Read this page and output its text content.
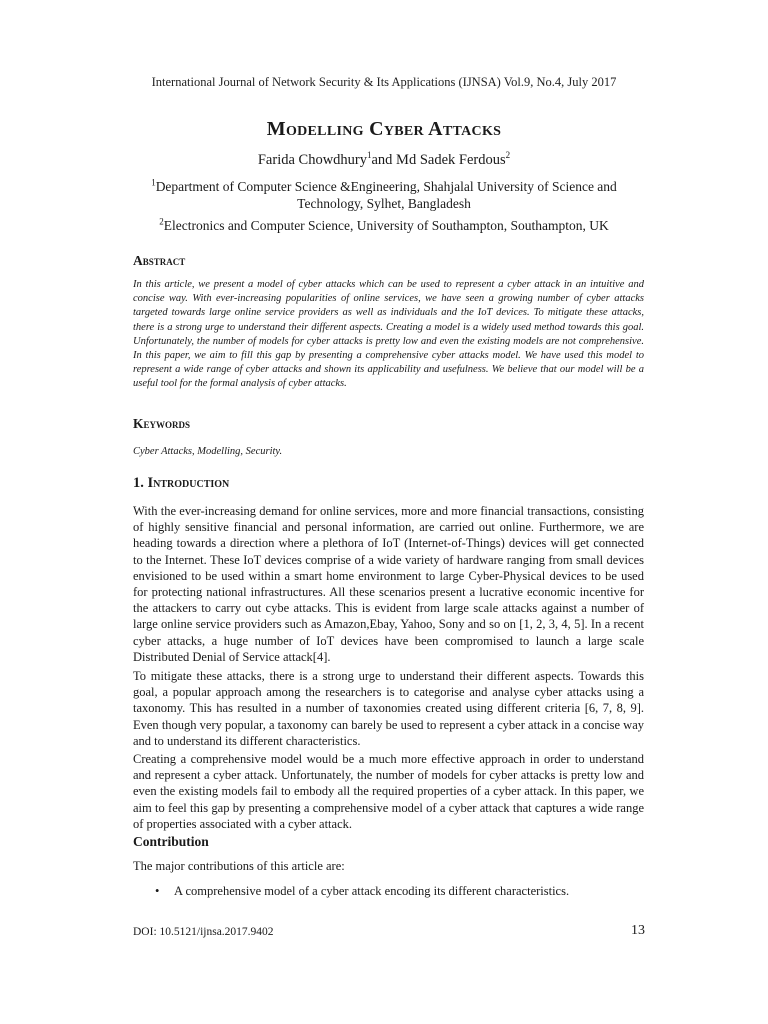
International Journal of Network Security & Its Applications (IJNSA) Vol.9, No.4, July 2017
Modelling Cyber Attacks
Farida Chowdhury$^1$and Md Sadek Ferdous$^2$
$^1$Department of Computer Science &Engineering, Shahjalal University of Science and
Technology, Sylhet, Bangladesh
$^2$Electronics and Computer Science, University of Southampton, Southampton, UK
Abstract
In this article, we present a model of cyber attacks which can be used to represent a cyber attack in an intuitive and concise way. With ever-increasing popularities of online services, we have seen a growing number of cyber attacks targeted towards large online service providers as well as individuals and the IoT devices. To mitigate these attacks, there is a strong urge to understand their different aspects. Creating a model is a widely used method towards this goal. Unfortunately, the number of models for cyber attacks is pretty low and even the existing models are not comprehensive. In this paper, we aim to fill this gap by presenting a comprehensive cyber attacks model. We have used this model to represent a wide range of cyber attacks and shown its applicability and usefulness. We believe that our model will be a useful tool for the formal analysis of cyber attacks.
Keywords
Cyber Attacks, Modelling, Security.
1. Introduction
With the ever-increasing demand for online services, more and more financial transactions, consisting of highly sensitive financial and personal information, are carried out online. Furthermore, we are heading towards a direction where a plethora of IoT (Internet-of-Things) devices will get connected to the Internet. These IoT devices comprise of a wide variety of hardware ranging from small devices envisioned to be used within a smart home environment to large Cyber-Physical devices to be used for protecting national infrastructures. All these scenarios present a lucrative economic incentive for the attackers to carry out cybe attacks. This is evident from large scale attacks against a number of large online service providers such as Amazon,Ebay, Yahoo, Sony and so on [1, 2, 3, 4, 5]. In a recent cyber attacks, a huge number of IoT devices have been compromised to launch a large scale Distributed Denial of Service attack[4].
To mitigate these attacks, there is a strong urge to understand their different aspects. Towards this goal, a popular approach among the researchers is to categorise and analyse cyber attacks using a taxonomy. This has resulted in a number of taxonomies created using different criteria [6, 7, 8, 9]. Even though very popular, a taxonomy can barely be used to represent a cyber attack in a concise way and to understand its different characteristics.
Creating a comprehensive model would be a much more effective approach in order to understand and represent a cyber attack. Unfortunately, the number of models for cyber attacks is pretty low and even the existing models fail to embody all the required properties of a cyber attack. In this paper, we aim to feel this gap by presenting a comprehensive model of a cyber attack that captures a wide range of properties associated with a cyber attack.
Contribution
The major contributions of this article are:
• A comprehensive model of a cyber attack encoding its different characteristics.
DOI: 10.5121/ijnsa.2017.9402	13
